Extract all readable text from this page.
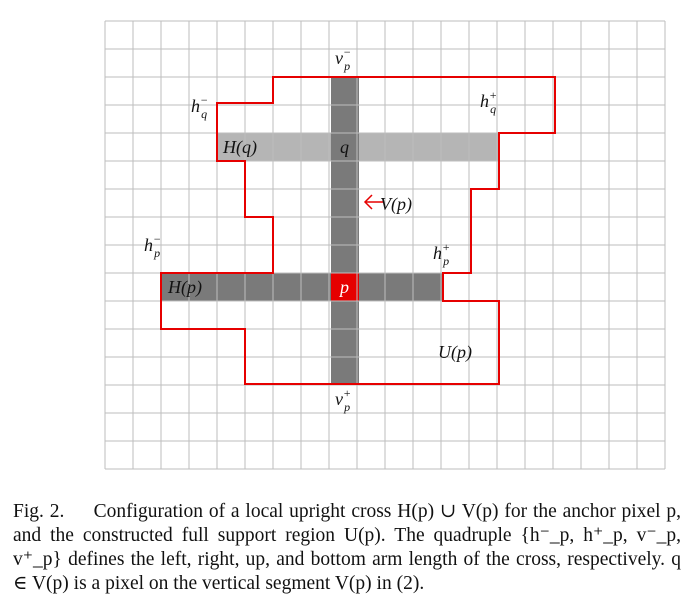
v− p
h− q
h+ q
H(q)	q
V(p)
h− p	h+ p
H(p)	p
U(p)
v+ p
Fig. 2. Configuration of a local upright cross H(p) ∪ V(p) for the anchor pixel p, and the constructed full support region U(p). The quadruple {h⁻_p, h⁺_p, v⁻_p, v⁺_p} defines the left, right, up, and bottom arm length of the cross, respectively. q ∈ V(p) is a pixel on the vertical segment V(p) in (2).
